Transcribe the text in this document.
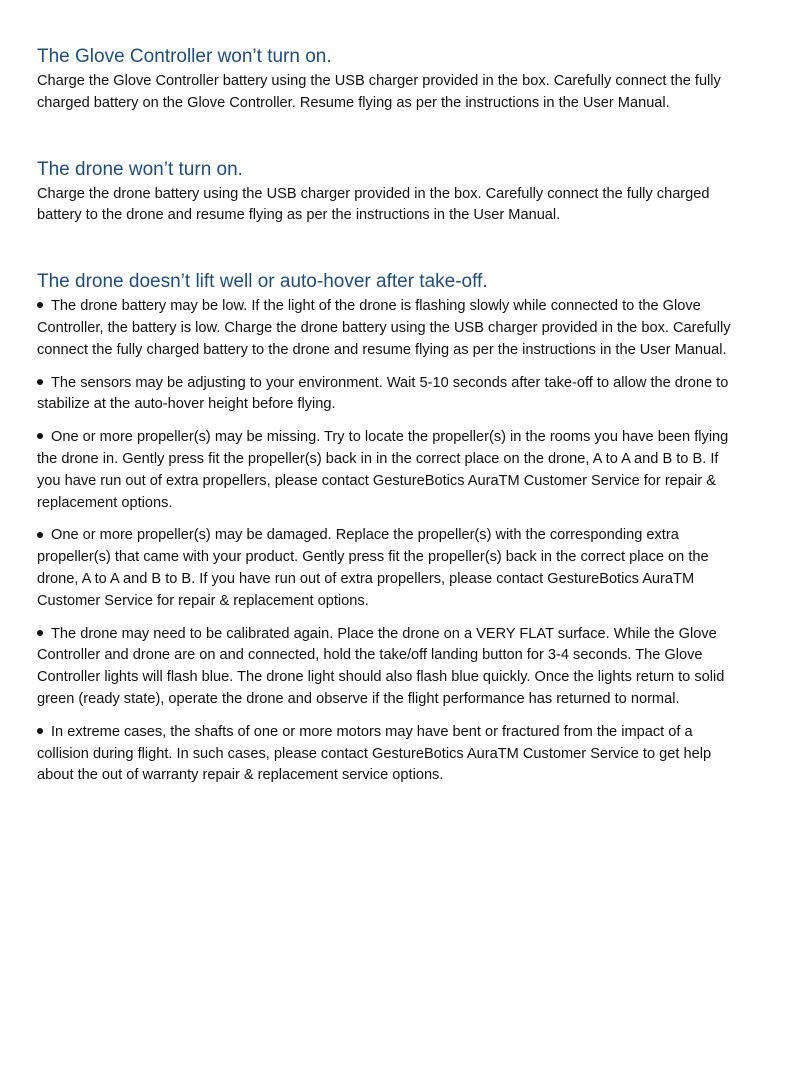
The Glove Controller won’t turn on.

Charge the Glove Controller battery using the USB charger provided in the box. Carefully connect the fully charged battery on the Glove Controller. Resume flying as per the instructions in the User Manual.

The drone won’t turn on.

Charge the drone battery using the USB charger provided in the box. Carefully connect the fully charged battery to the drone and resume flying as per the instructions in the User Manual.

The drone doesn’t lift well or auto-hover after take-off.

The drone battery may be low. If the light of the drone is flashing slowly while connected to the Glove Controller, the battery is low. Charge the drone battery using the USB charger provided in the box. Carefully connect the fully charged battery to the drone and resume flying as per the instructions in the User Manual.

The sensors may be adjusting to your environment. Wait 5-10 seconds after take-off to allow the drone to stabilize at the auto-hover height before flying.

One or more propeller(s) may be missing. Try to locate the propeller(s) in the rooms you have been flying the drone in. Gently press fit the propeller(s) back in in the correct place on the drone, A to A and B to B. If you have run out of extra propellers, please contact GestureBotics AuraTM Customer Service for repair & replacement options.

One or more propeller(s) may be damaged. Replace the propeller(s) with the corresponding extra propeller(s) that came with your product. Gently press fit the propeller(s) back in the correct place on the drone, A to A and B to B. If you have run out of extra propellers, please contact GestureBotics AuraTM Customer Service for repair & replacement options.

The drone may need to be calibrated again. Place the drone on a VERY FLAT surface. While the Glove Controller and drone are on and connected, hold the take/off landing button for 3-4 seconds. The Glove Controller lights will flash blue. The drone light should also flash blue quickly. Once the lights return to solid green (ready state), operate the drone and observe if the flight performance has returned to normal.

In extreme cases, the shafts of one or more motors may have bent or fractured from the impact of a collision during flight. In such cases, please contact GestureBotics AuraTM Customer Service to get help about the out of warranty repair & replacement service options.
